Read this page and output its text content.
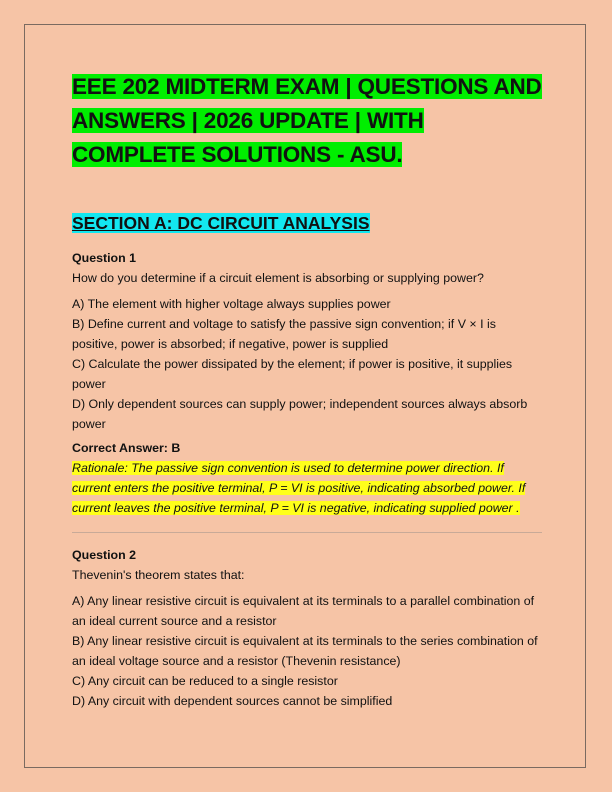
EEE 202 MIDTERM EXAM | QUESTIONS AND ANSWERS | 2026 UPDATE | WITH COMPLETE SOLUTIONS - ASU.
SECTION A: DC CIRCUIT ANALYSIS
Question 1
How do you determine if a circuit element is absorbing or supplying power?
A) The element with higher voltage always supplies power
B) Define current and voltage to satisfy the passive sign convention; if V × I is positive, power is absorbed; if negative, power is supplied
C) Calculate the power dissipated by the element; if power is positive, it supplies power
D) Only dependent sources can supply power; independent sources always absorb power
Correct Answer: B
Rationale: The passive sign convention is used to determine power direction. If current enters the positive terminal, P = VI is positive, indicating absorbed power. If current leaves the positive terminal, P = VI is negative, indicating supplied power .
Question 2
Thevenin's theorem states that:
A) Any linear resistive circuit is equivalent at its terminals to a parallel combination of an ideal current source and a resistor
B) Any linear resistive circuit is equivalent at its terminals to the series combination of an ideal voltage source and a resistor (Thevenin resistance)
C) Any circuit can be reduced to a single resistor
D) Any circuit with dependent sources cannot be simplified
